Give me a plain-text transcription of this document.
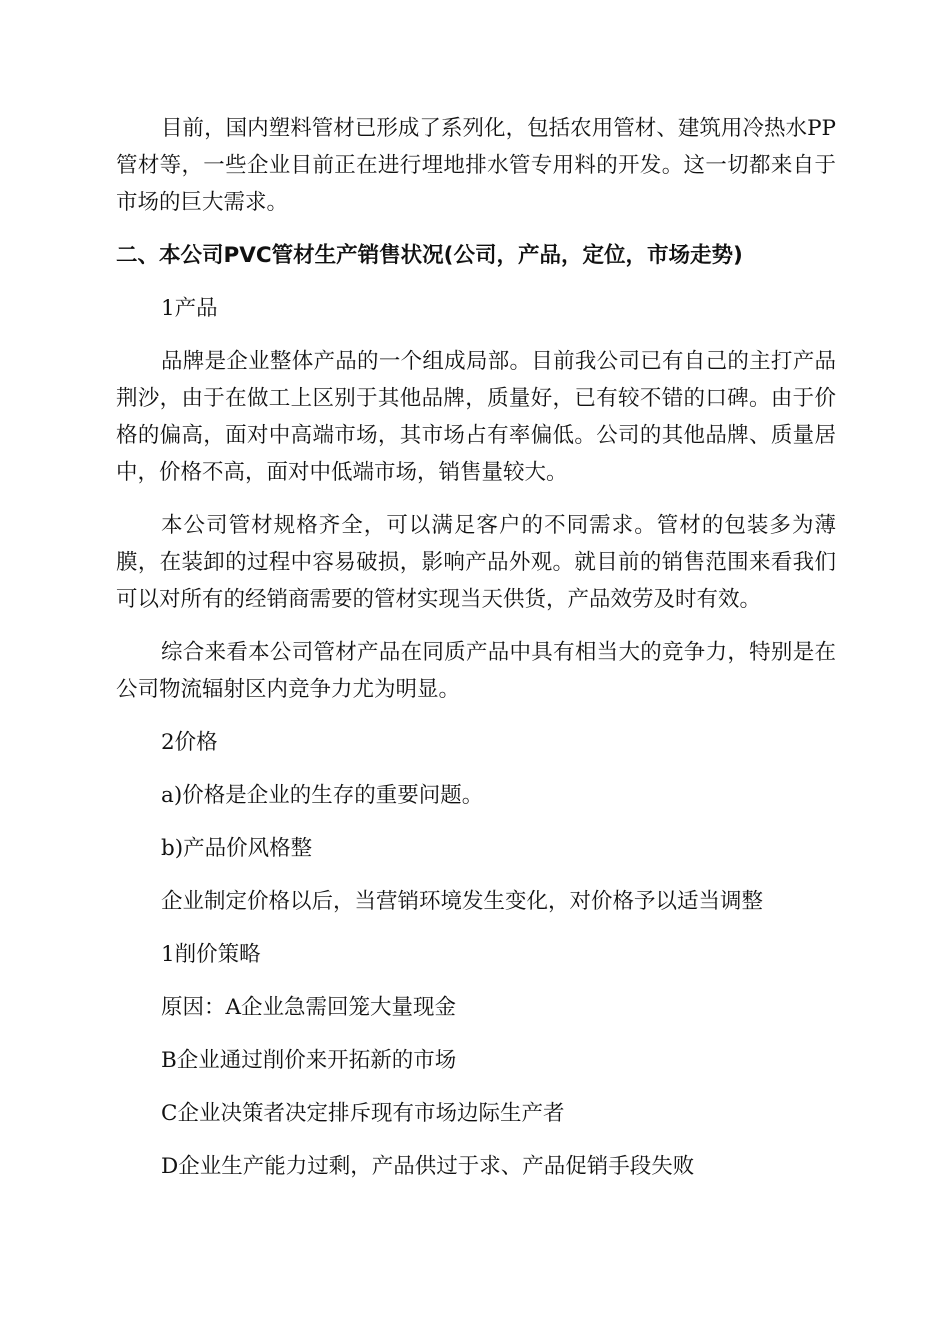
目前，国内塑料管材已形成了系列化，包括农用管材、建筑用冷热水PP管材等，一些企业目前正在进行埋地排水管专用料的开发。这一切都来自于市场的巨大需求。

二、本公司PVC管材生产销售状况(公司，产品，定位，市场走势)

1产品

品牌是企业整体产品的一个组成局部。目前我公司已有自己的主打产品荆沙，由于在做工上区别于其他品牌，质量好，已有较不错的口碑。由于价格的偏高，面对中高端市场，其市场占有率偏低。公司的其他品牌、质量居中，价格不高，面对中低端市场，销售量较大。

本公司管材规格齐全，可以满足客户的不同需求。管材的包装多为薄膜，在装卸的过程中容易破损，影响产品外观。就目前的销售范围来看我们可以对所有的经销商需要的管材实现当天供货，产品效劳及时有效。

综合来看本公司管材产品在同质产品中具有相当大的竞争力，特别是在公司物流辐射区内竞争力尤为明显。

2价格

a)价格是企业的生存的重要问题。

b)产品价风格整

企业制定价格以后，当营销环境发生变化，对价格予以适当调整

1削价策略

原因：A企业急需回笼大量现金

B企业通过削价来开拓新的市场

C企业决策者决定排斥现有市场边际生产者

D企业生产能力过剩，产品供过于求、产品促销手段失败
